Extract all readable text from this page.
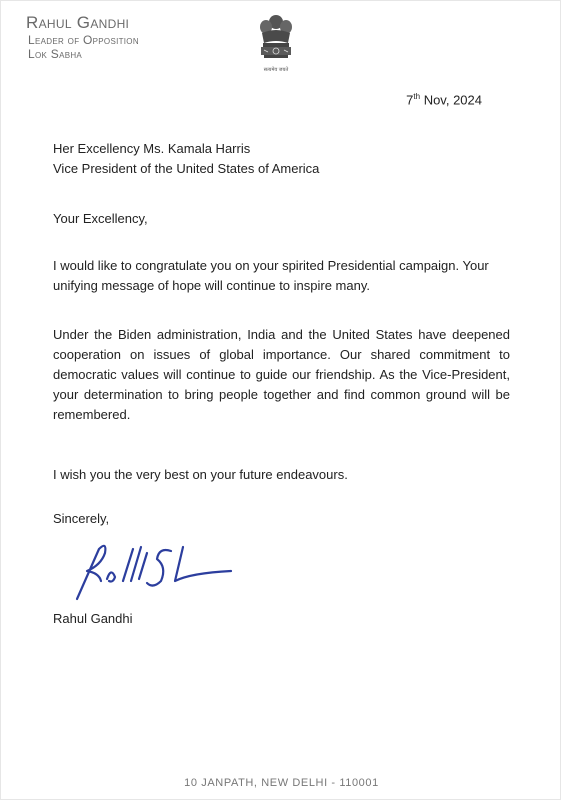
Rahul Gandhi
Leader of Opposition
Lok Sabha
सत्यमेव जयते
7th Nov, 2024
Her Excellency Ms. Kamala Harris
Vice President of the United States of America
Your Excellency,
I would like to congratulate you on your spirited Presidential campaign. Your unifying message of hope will continue to inspire many.
Under the Biden administration, India and the United States have deepened cooperation on issues of global importance. Our shared commitment to democratic values will continue to guide our friendship. As the Vice-President, your determination to bring people together and find common ground will be remembered.
I wish you the very best on your future endeavours.
Sincerely,
Rahul Gandhi
10 JANPATH, NEW DELHI - 110001
